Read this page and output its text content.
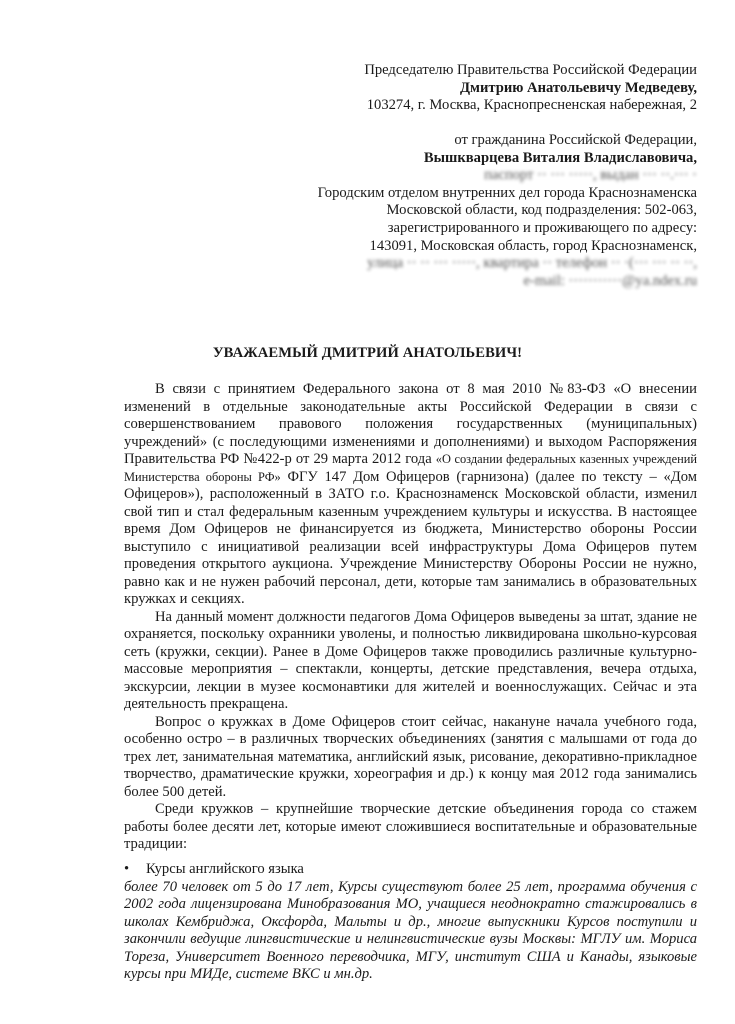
Председателю Правительства Российской Федерации
Дмитрию Анатольевичу Медведеву,
103274, г. Москва, Краснопресненская набережная, 2
от гражданина Российской Федерации,
Вышкварцева Виталия Владиславовича,
паспорт ·· ··· ·····, выдан ··· ··.··· ·
Городским отделом внутренних дел города Краснознаменска
Московской области, код подразделения: 502-063,
зарегистрированного и проживающего по адресу:
143091, Московская область, город Краснознаменск,
улица ·· ·· ··· ·····, квартира ·· телефон ·· ·(··· ··· ·· ··,
e-mail: ···········@ya.ndex.ru
УВАЖАЕМЫЙ ДМИТРИЙ АНАТОЛЬЕВИЧ!

В связи с принятием Федерального закона от 8 мая 2010 №83-ФЗ «О внесении изменений в отдельные законодательные акты Российской Федерации в связи с совершенствованием правового положения государственных (муниципальных) учреждений» (с последующими изменениями и дополнениями) и выходом Распоряжения Правительства РФ №422-р от 29 марта 2012 года «О создании федеральных казенных учреждений Министерства обороны РФ» ФГУ 147 Дом Офицеров (гарнизона) (далее по тексту – «Дом Офицеров»), расположенный в ЗАТО г.о. Краснознаменск Московской области, изменил свой тип и стал федеральным казенным учреждением культуры и искусства. В настоящее время Дом Офицеров не финансируется из бюджета, Министерство обороны России выступило с инициативой реализации всей инфраструктуры Дома Офицеров путем проведения открытого аукциона. Учреждение Министерству Обороны России не нужно, равно как и не нужен рабочий персонал, дети, которые там занимались в образовательных кружках и секциях.

На данный момент должности педагогов Дома Офицеров выведены за штат, здание не охраняется, поскольку охранники уволены, и полностью ликвидирована школьно-курсовая сеть (кружки, секции). Ранее в Доме Офицеров также проводились различные культурно-массовые мероприятия – спектакли, концерты, детские представления, вечера отдыха, экскурсии, лекции в музее космонавтики для жителей и военнослужащих. Сейчас и эта деятельность прекращена.

Вопрос о кружках в Доме Офицеров стоит сейчас, накануне начала учебного года, особенно остро – в различных творческих объединениях (занятия с малышами от года до трех лет, занимательная математика, английский язык, рисование, декоративно-прикладное творчество, драматические кружки, хореография и др.) к концу мая 2012 года занимались более 500 детей.

Среди кружков – крупнейшие творческие детские объединения города со стажем работы более десяти лет, которые имеют сложившиеся воспитательные и образовательные традиции:

• Курсы английского языка
более 70 человек от 5 до 17 лет, Курсы существуют более 25 лет, программа обучения с 2002 года лицензирована Минобразования МО, учащиеся неоднократно стажировались в школах Кембриджа, Оксфорда, Мальты и др., многие выпускники Курсов поступили и закончили ведущие лингвистические и нелингвистические вузы Москвы: МГЛУ им. Мориса Тореза, Университет Военного переводчика, МГУ, институт США и Канады, языковые курсы при МИДе, системе ВКС и мн.др.
